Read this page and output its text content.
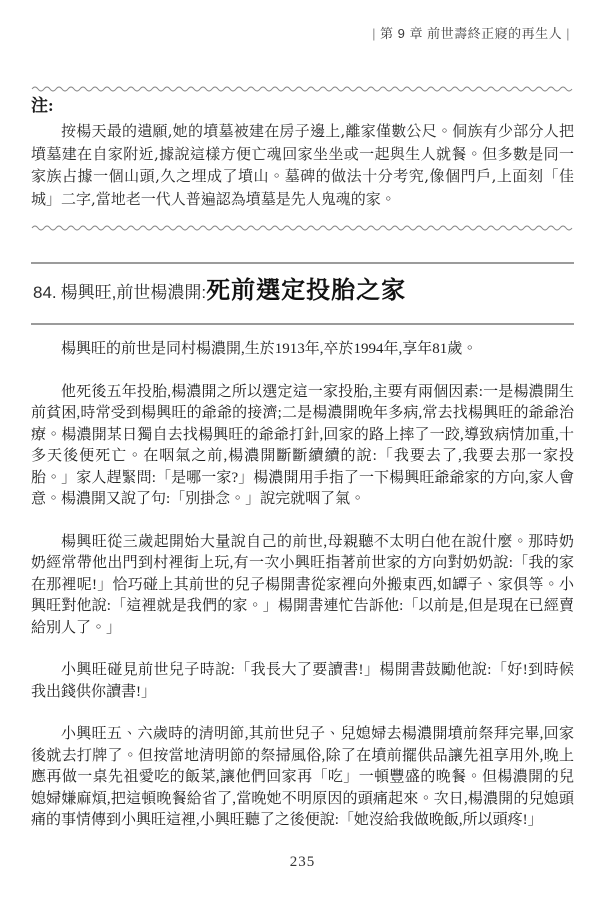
| 第 9 章 前世壽終正寢的再生人 |
注:

按楊天最的遺願,她的墳墓被建在房子邊上,離家僅數公尺。侗族有少部分人把墳墓建在自家附近,據說這樣方便亡魂回家坐坐或一起與生人就餐。但多數是同一家族占據一個山頭,久之埋成了墳山。墓碑的做法十分考究,像個門戶,上面刻「佳城」二字,當地老一代人普遍認為墳墓是先人鬼魂的家。

84. 楊興旺,前世楊濃開:死前選定投胎之家

楊興旺的前世是同村楊濃開,生於1913年,卒於1994年,享年81歲。

他死後五年投胎,楊濃開之所以選定這一家投胎,主要有兩個因素:一是楊濃開生前貧困,時常受到楊興旺的爺爺的接濟;二是楊濃開晚年多病,常去找楊興旺的爺爺治療。楊濃開某日獨自去找楊興旺的爺爺打針,回家的路上摔了一跤,導致病情加重,十多天後便死亡。在咽氣之前,楊濃開斷斷續續的說:「我要去了,我要去那一家投胎。」家人趕緊問:「是哪一家?」楊濃開用手指了一下楊興旺爺爺家的方向,家人會意。楊濃開又說了句:「別掛念。」說完就咽了氣。

楊興旺從三歲起開始大量說自己的前世,母親聽不太明白他在說什麼。那時奶奶經常帶他出門到村裡街上玩,有一次小興旺指著前世家的方向對奶奶說:「我的家在那裡呢!」恰巧碰上其前世的兒子楊開書從家裡向外搬東西,如罈子、家俱等。小興旺對他說:「這裡就是我們的家。」楊開書連忙告訴他:「以前是,但是現在已經賣給別人了。」

小興旺碰見前世兒子時說:「我長大了要讀書!」楊開書鼓勵他說:「好!到時候我出錢供你讀書!」

小興旺五、六歲時的清明節,其前世兒子、兒媳婦去楊濃開墳前祭拜完畢,回家後就去打牌了。但按當地清明節的祭掃風俗,除了在墳前擺供品讓先祖享用外,晚上應再做一桌先祖愛吃的飯菜,讓他們回家再「吃」一頓豐盛的晚餐。但楊濃開的兒媳婦嫌麻煩,把這頓晚餐給省了,當晚她不明原因的頭痛起來。次日,楊濃開的兒媳頭痛的事情傳到小興旺這裡,小興旺聽了之後便說:「她沒給我做晚飯,所以頭疼!」

235
